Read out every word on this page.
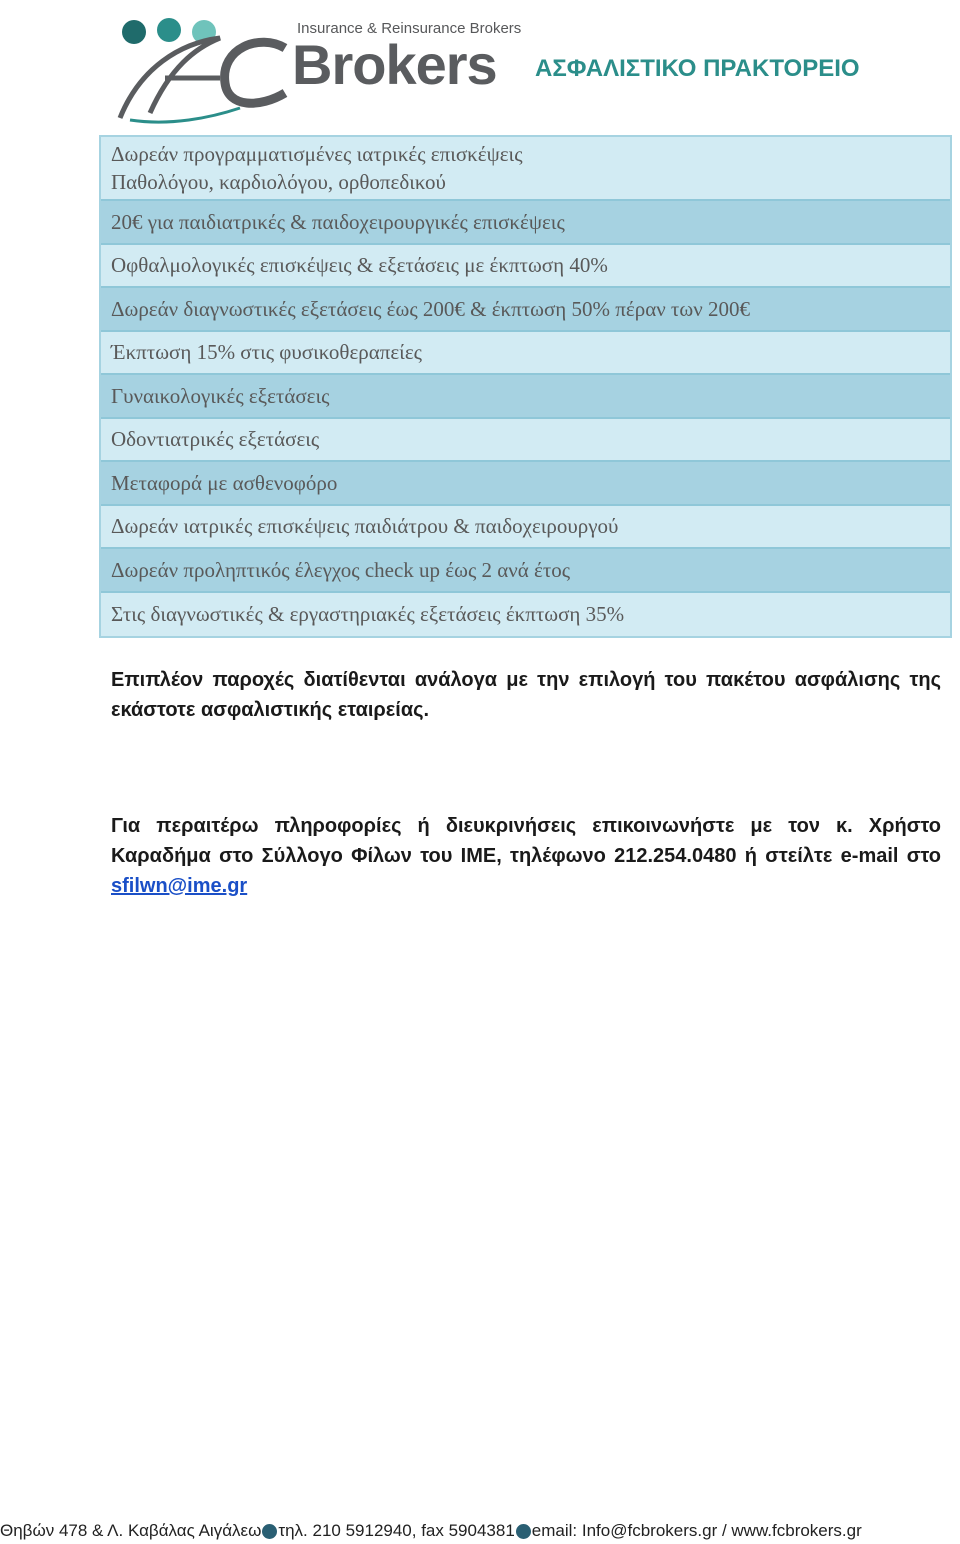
Insurance & Reinsurance Brokers
Brokers ΑΣΦΑΛΙΣΤΙΚΟ ΠΡΑΚΤΟΡΕΙΟ
Δωρεάν προγραμματισμένες ιατρικές επισκέψεις
Παθολόγου, καρδιολόγου, ορθοπεδικού
20€ για παιδιατρικές & παιδοχειρουργικές επισκέψεις
Οφθαλμολογικές επισκέψεις & εξετάσεις με έκπτωση 40%
Δωρεάν διαγνωστικές εξετάσεις έως 200€ & έκπτωση 50% πέραν των 200€
Έκπτωση 15% στις φυσικοθεραπείες
Γυναικολογικές εξετάσεις
Οδοντιατρικές εξετάσεις
Μεταφορά με ασθενοφόρο
Δωρεάν ιατρικές επισκέψεις παιδιάτρου & παιδοχειρουργού
Δωρεάν προληπτικός έλεγχος check up έως 2 ανά έτος
Στις διαγνωστικές & εργαστηριακές εξετάσεις έκπτωση 35%
Επιπλέον παροχές διατίθενται ανάλογα με την επιλογή του πακέτου ασφάλισης της εκάστοτε ασφαλιστικής εταιρείας.
Για περαιτέρω πληροφορίες ή διευκρινήσεις επικοινωνήστε με τον κ. Χρήστο Καραδήμα στο Σύλλογο Φίλων του ΙΜΕ, τηλέφωνο 212.254.0480 ή στείλτε e-mail στο sfilwn@ime.gr
Θηβών 478 & Λ. Καβάλας Αιγάλεω τηλ. 210 5912940, fax 5904381 email: Info@fcbrokers.gr / www.fcbrokers.gr
